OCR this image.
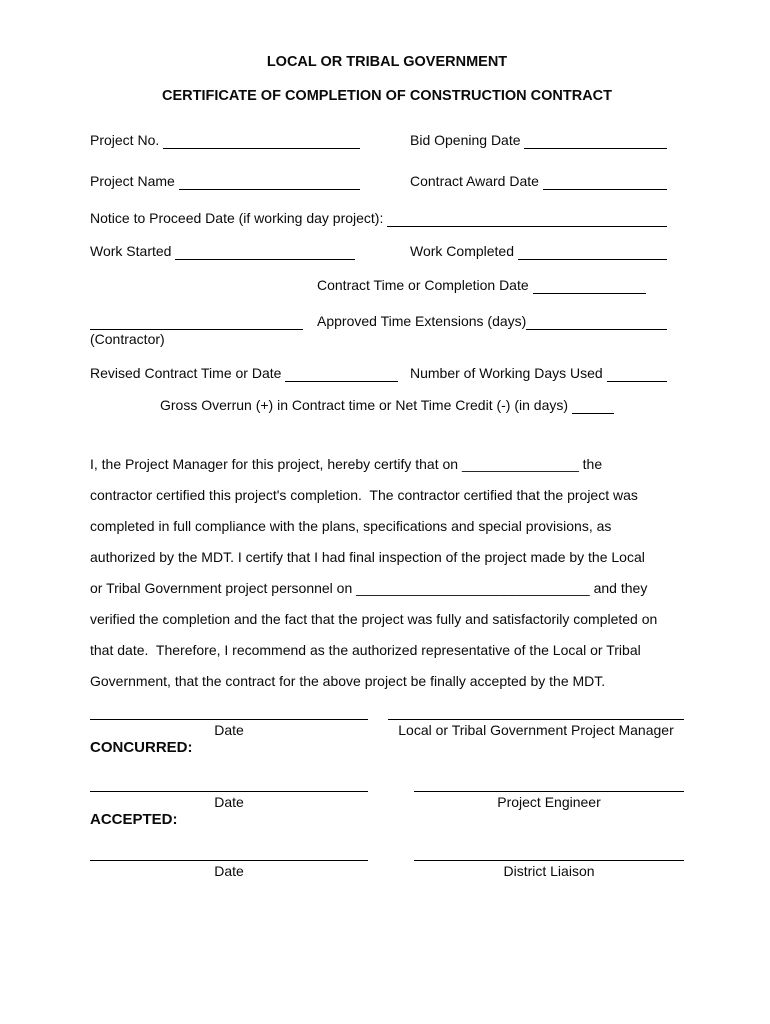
LOCAL OR TRIBAL GOVERNMENT
CERTIFICATE OF COMPLETION OF CONSTRUCTION CONTRACT
Project No.	Bid Opening Date
Project Name	Contract Award Date
Notice to Proceed Date (if working day project):
Work Started	Work Completed
Contract Time or Completion Date
Approved Time Extensions (days)
(Contractor)
Revised Contract Time or Date	Number of Working Days Used
Gross Overrun (+) in Contract time or Net Time Credit (-) (in days)
I, the Project Manager for this project, hereby certify that on _______________ the
contractor certified this project's completion.  The contractor certified that the project was
completed in full compliance with the plans, specifications and special provisions, as
authorized by the MDT. I certify that I had final inspection of the project made by the Local
or Tribal Government project personnel on ______________________________ and they
verified the completion and the fact that the project was fully and satisfactorily completed on
that date.  Therefore, I recommend as the authorized representative of the Local or Tribal
Government, that the contract for the above project be finally accepted by the MDT.
Date	Local or Tribal Government Project Manager
CONCURRED:
Date	Project Engineer
ACCEPTED:
Date	District Liaison
